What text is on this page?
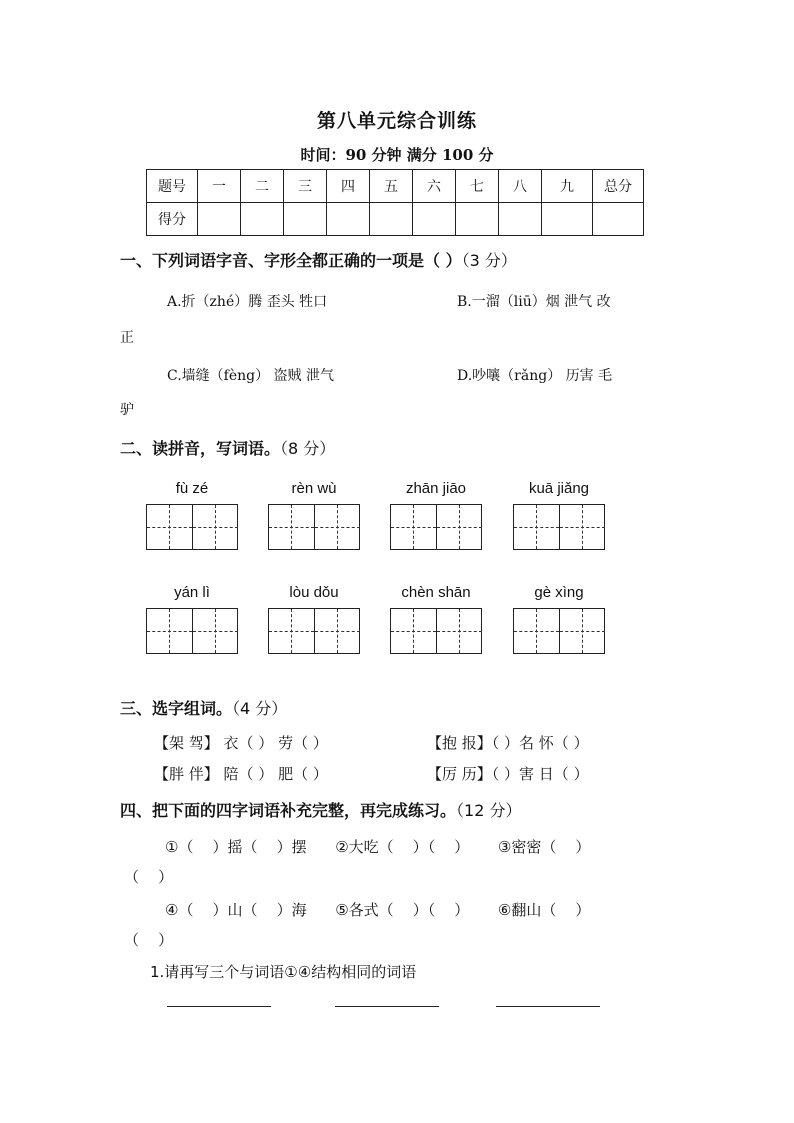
第八单元综合训练
时间：90 分钟 满分 100 分
题号	一	二	三	四	五	六	七	八	九	总分
得分										
一、下列词语字音、字形全都正确的一项是（ ）（3 分）
A.折（zhé）腾 歪头 牲口	B.一溜（liū）烟 泄气 改
正
C.墙缝（fèng） 盗贼 泄气	D.吵嚷（rǎng） 历害 毛
驴
二、读拼音，写词语。（8 分）
fù zé	rèn wù	zhān jiāo	kuā jiǎng
yán lì	lòu dǒu	chèn shān	gè xìng
三、选字组词。（4 分）
【架 驾】 衣（ ） 劳（ ）	【抱 报】（ ）名 怀（ ）
【胖 伴】 陪（ ） 肥（ ）	【厉 历】（ ）害 日（ ）
四、把下面的四字词语补充完整，再完成练习。（12 分）
①（    ）摇（    ）摆      ②大吃（    ）（    ）      ③密密（    ）
（    ）
④（    ）山（    ）海      ⑤各式（    ）（    ）      ⑥翻山（    ）
（    ）
1.请再写三个与词语①④结构相同的词语
